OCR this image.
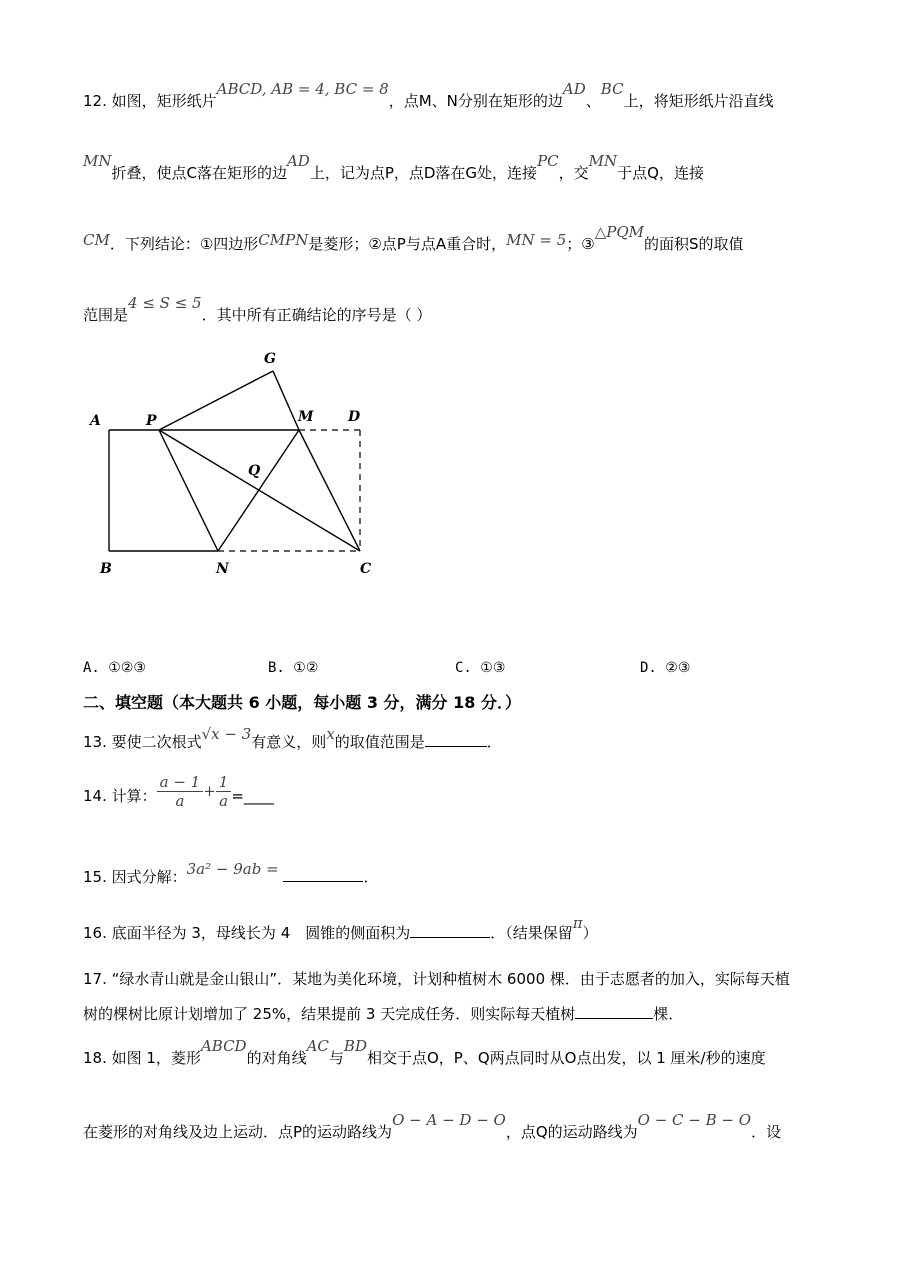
12. 如图，矩形纸片ABCD, AB = 4, BC = 8，点M、N分别在矩形的边AD、BC上，将矩形纸片沿直线
MN折叠，使点C落在矩形的边AD上，记为点P，点D落在G处，连接PC，交MN于点Q，连接
CM．下列结论：①四边形CMPN是菱形；②点P与点A重合时，MN = 5；③△PQM的面积S的取值
范围是4 ≤ S ≤ 5．其中所有正确结论的序号是（ ）
A
B	C
D
G
M
N
P
Q
A. ①②③	B. ①②	C. ①③	D. ②③
二、填空题（本大题共 6 小题，每小题 3 分，满分 18 分．）
13. 要使二次根式√x − 3有意义，则x的取值范围是	．
14. 计算： $\frac{a - 1}{a} + \frac{1}{a}$ =____
15. 因式分解：3a² − 9ab =	．
16. 底面半径为 3，母线长为 4　圆锥的侧面积为	．（结果保留π）
17. “绿水青山就是金山银山”．某地为美化环境，计划种植树木 6000 棵．由于志愿者的加入，实际每天植
树的棵树比原计划增加了 25%，结果提前 3 天完成任务．则实际每天植树	棵．
18. 如图 1，菱形ABCD的对角线AC与BD相交于点O，P、Q两点同时从O点出发，以 1 厘米/秒的速度
在菱形的对角线及边上运动．点P的运动路线为O − A − D − O，点Q的运动路线为O − C − B − O．设
